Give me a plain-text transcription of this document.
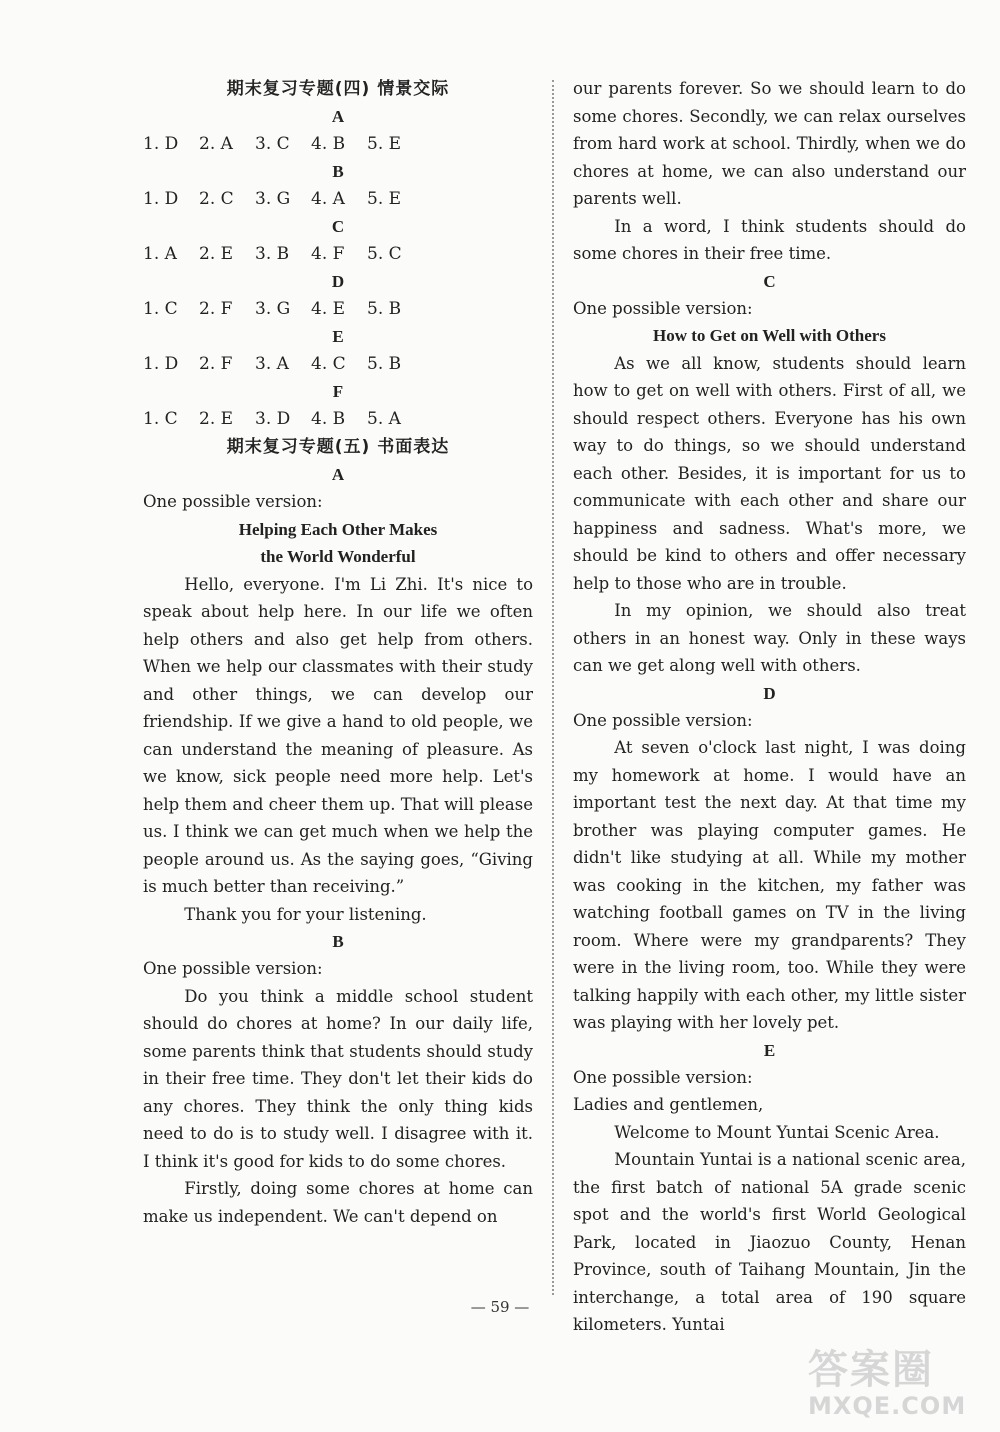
期末复习专题(四) 情景交际
A
1. D 2. A 3. C 4. B 5. E
B
1. D 2. C 3. G 4. A 5. E
C
1. A 2. E 3. B 4. F 5. C
D
1. C 2. F 3. G 4. E 5. B
E
1. D 2. F 3. A 4. C 5. B
F
1. C 2. E 3. D 4. B 5. A
期末复习专题(五) 书面表达
A
One possible version:
Helping Each Other Makes
the World Wonderful

Hello, everyone. I'm Li Zhi. It's nice to speak about help here. In our life we often help others and also get help from others. When we help our classmates with their study and other things, we can develop our friendship. If we give a hand to old people, we can understand the meaning of pleasure. As we know, sick people need more help. Let's help them and cheer them up. That will please us. I think we can get much when we help the people around us. As the saying goes, “Giving is much better than receiving.”

Thank you for your listening.

B
One possible version:

Do you think a middle school student should do chores at home? In our daily life, some parents think that students should study in their free time. They don't let their kids do any chores. They think the only thing kids need to do is to study well. I disagree with it. I think it's good for kids to do some chores.

Firstly, doing some chores at home can make us independent. We can't depend on

our parents forever. So we should learn to do some chores. Secondly, we can relax ourselves from hard work at school. Thirdly, when we do chores at home, we can also understand our parents well.

In a word, I think students should do some chores in their free time.

C
One possible version:
How to Get on Well with Others

As we all know, students should learn how to get on well with others. First of all, we should respect others. Everyone has his own way to do things, so we should understand each other. Besides, it is important for us to communicate with each other and share our happiness and sadness. What's more, we should be kind to others and offer necessary help to those who are in trouble.

In my opinion, we should also treat others in an honest way. Only in these ways can we get along well with others.

D
One possible version:

At seven o'clock last night, I was doing my homework at home. I would have an important test the next day. At that time my brother was playing computer games. He didn't like studying at all. While my mother was cooking in the kitchen, my father was watching football games on TV in the living room. Where were my grandparents? They were in the living room, too. While they were talking happily with each other, my little sister was playing with her lovely pet.

E
One possible version:

Ladies and gentlemen,

Welcome to Mount Yuntai Scenic Area.

Mountain Yuntai is a national scenic area, the first batch of national 5A grade scenic spot and the world's first World Geological Park, located in Jiaozuo County, Henan Province, south of Taihang Mountain, Jin the interchange, a total area of 190 square kilometers. Yuntai

— 59 —
答案圈
MXQE.COM
